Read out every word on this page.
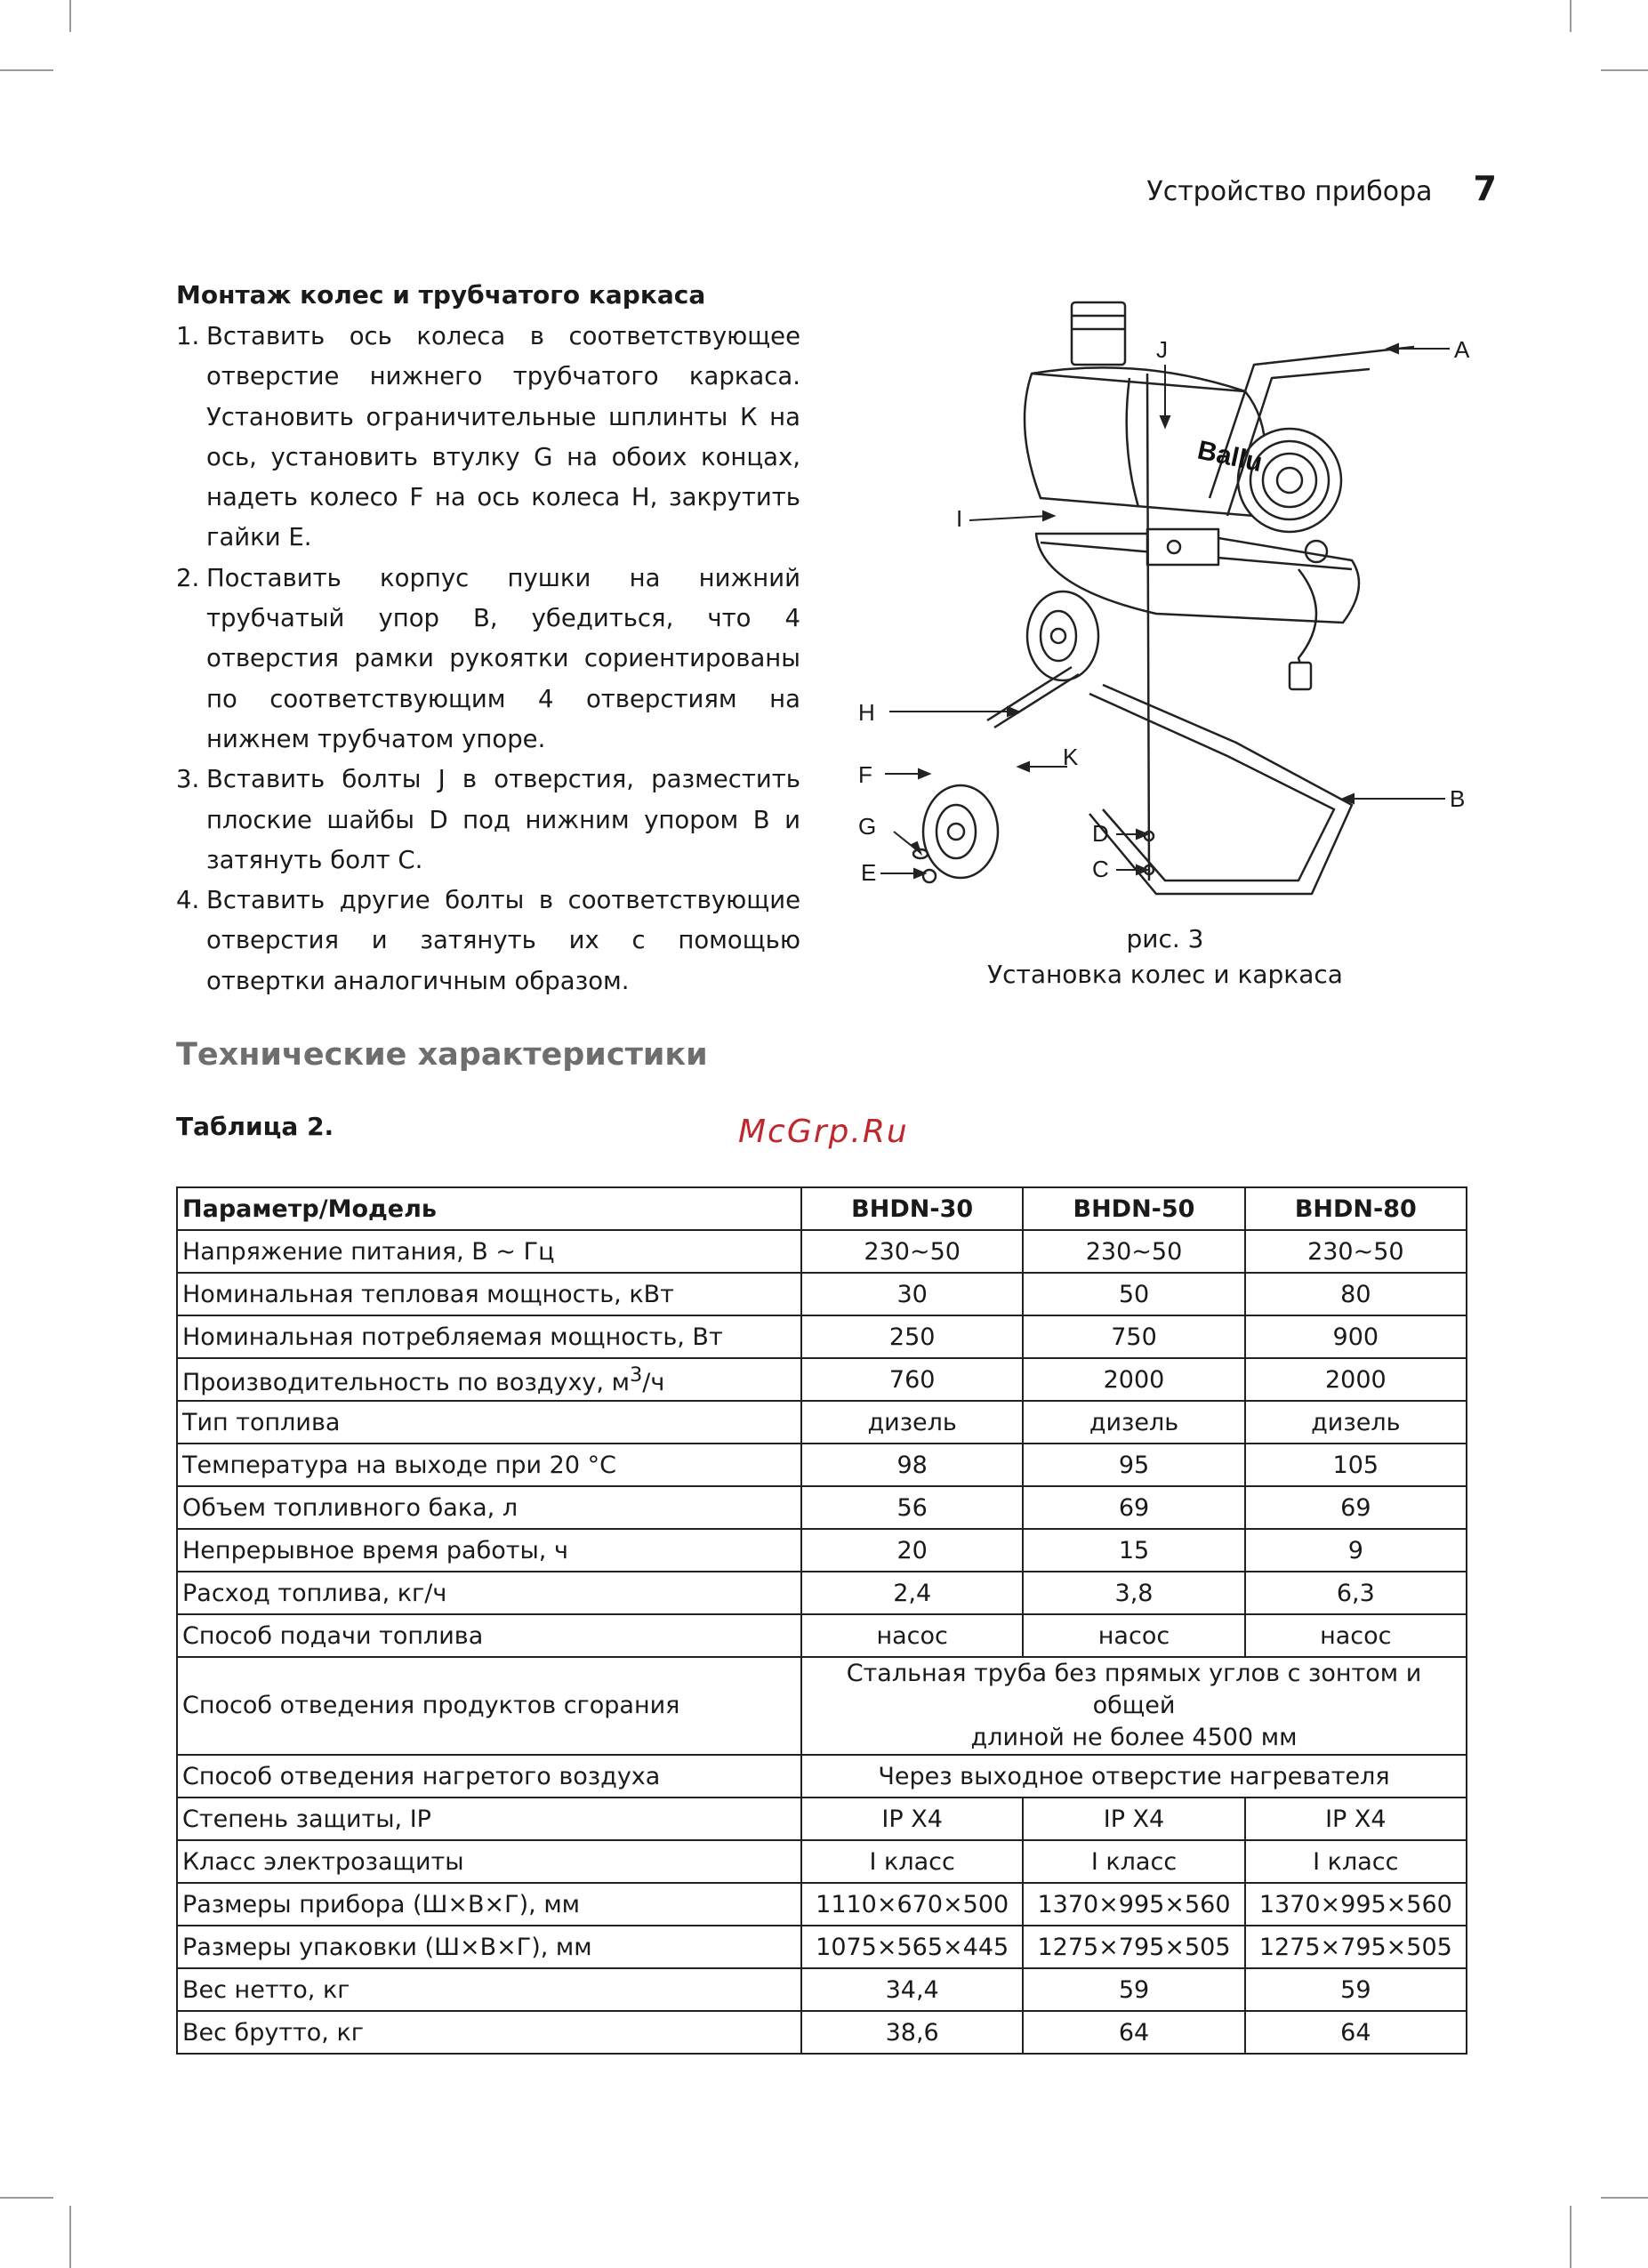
Устройство прибора 7
Монтаж колес и трубчатого каркаса
1. Вставить ось колеса в соответствующее отверстие нижнего трубчатого каркаса. Установить ограничительные шплинты К на ось, установить втулку G на обоих концах, надеть колесо F на ось колеса H, закрутить гайки E.
2. Поставить корпус пушки на нижний трубчатый упор B, убедиться, что 4 отверстия рамки рукоятки сориентированы по соответствующим 4 отверстиям на нижнем трубчатом упоре.
3. Вставить болты J в отверстия, разместить плоские шайбы D под нижним упором B и затянуть болт C.
4. Вставить другие болты в соответствующие отверстия и затянуть их с помощью отвертки аналогичным образом.
Ballu
A
J
I
H
K
F
B
G
E
D
C
рис. 3
Установка колес и каркаса
Технические характеристики
Таблица 2.	McGrp.Ru
Параметр/Модель	BHDN-30	BHDN-50	BHDN-80
Напряжение питания, В ~ Гц	230~50	230~50	230~50
Номинальная тепловая мощность, кВт	30	50	80
Номинальная потребляемая мощность, Вт	250	750	900
Производительность по воздуху, $м^3/ч$	760	2000	2000
Тип топлива	дизель	дизель	дизель
Температура на выходе при 20 °С	98	95	105
Объем топливного бака, л	56	69	69
Непрерывное время работы, ч	20	15	9
Расход топлива, кг/ч	2,4	3,8	6,3
Способ подачи топлива	насос	насос	насос
Способ отведения продуктов сгорания	Стальная труба без прямых углов с зонтом и общей
длиной не более 4500 мм		

Способ отведения нагретого воздуха	Через выходное отверстие нагревателя		
Степень защиты, IP	IP X4	IP X4	IP X4
Класс электрозащиты	I класс	I класс	I класс
Размеры прибора (Ш×В×Г), мм	1110×670×500	1370×995×560	1370×995×560
Размеры упаковки (Ш×В×Г), мм	1075×565×445	1275×795×505	1275×795×505
Вес нетто, кг	34,4	59	59
Вес брутто, кг	38,6	64	64
